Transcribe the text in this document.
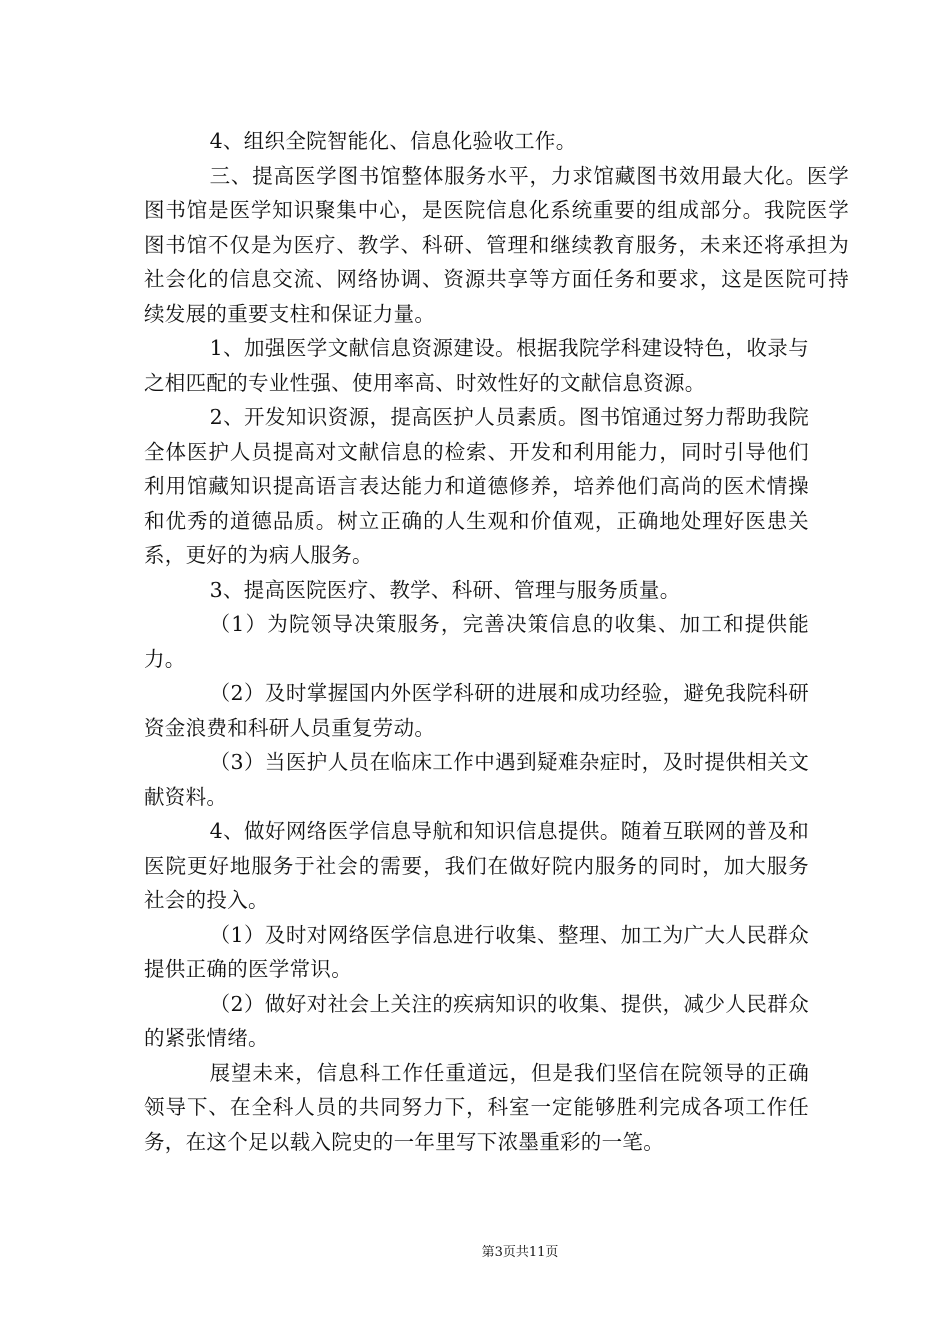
4、组织全院智能化、信息化验收工作。

三、提高医学图书馆整体服务水平，力求馆藏图书效用最大化。医学图书馆是医学知识聚集中心，是医院信息化系统重要的组成部分。我院医学图书馆不仅是为医疗、教学、科研、管理和继续教育服务，未来还将承担为社会化的信息交流、网络协调、资源共享等方面任务和要求，这是医院可持续发展的重要支柱和保证力量。

1、加强医学文献信息资源建设。根据我院学科建设特色，收录与之相匹配的专业性强、使用率高、时效性好的文献信息资源。

2、开发知识资源，提高医护人员素质。图书馆通过努力帮助我院全体医护人员提高对文献信息的检索、开发和利用能力，同时引导他们利用馆藏知识提高语言表达能力和道德修养，培养他们高尚的医术情操和优秀的道德品质。树立正确的人生观和价值观，正确地处理好医患关系，更好的为病人服务。

3、提高医院医疗、教学、科研、管理与服务质量。

（1）为院领导决策服务，完善决策信息的收集、加工和提供能力。

（2）及时掌握国内外医学科研的进展和成功经验，避免我院科研资金浪费和科研人员重复劳动。

（3）当医护人员在临床工作中遇到疑难杂症时，及时提供相关文献资料。

4、做好网络医学信息导航和知识信息提供。随着互联网的普及和医院更好地服务于社会的需要，我们在做好院内服务的同时，加大服务社会的投入。

（1）及时对网络医学信息进行收集、整理、加工为广大人民群众提供正确的医学常识。

（2）做好对社会上关注的疾病知识的收集、提供，减少人民群众的紧张情绪。

展望未来，信息科工作任重道远，但是我们坚信在院领导的正确领导下、在全科人员的共同努力下，科室一定能够胜利完成各项工作任务，在这个足以载入院史的一年里写下浓墨重彩的一笔。

第3页共11页
